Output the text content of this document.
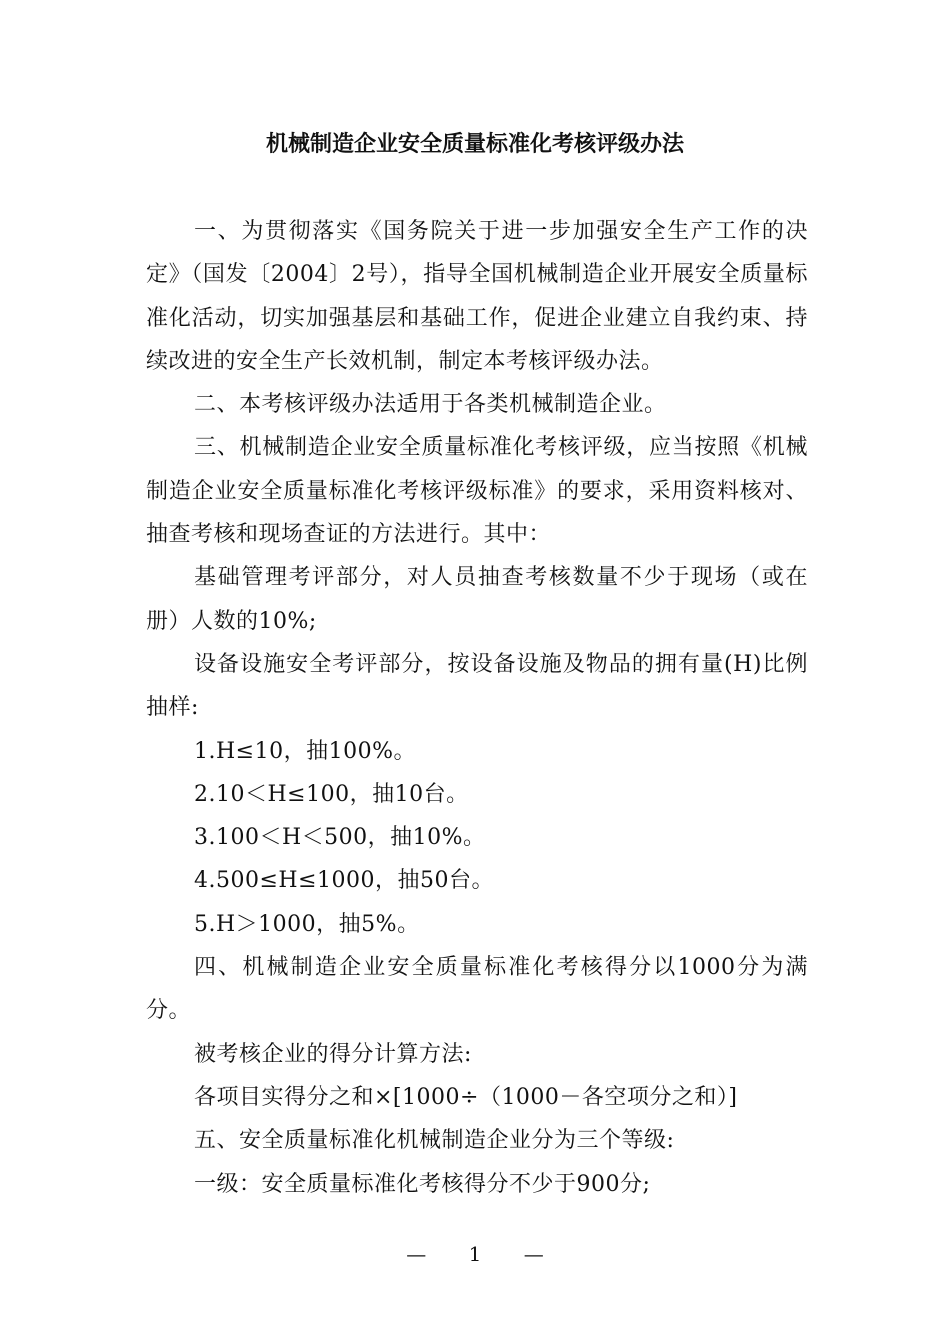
机械制造企业安全质量标准化考核评级办法

一、为贯彻落实《国务院关于进一步加强安全生产工作的决定》（国发〔2004〕2号），指导全国机械制造企业开展安全质量标准化活动，切实加强基层和基础工作，促进企业建立自我约束、持续改进的安全生产长效机制，制定本考核评级办法。

二、本考核评级办法适用于各类机械制造企业。

三、机械制造企业安全质量标准化考核评级，应当按照《机械制造企业安全质量标准化考核评级标准》的要求，采用资料核对、抽查考核和现场查证的方法进行。其中：

基础管理考评部分，对人员抽查考核数量不少于现场（或在册）人数的10%;

设备设施安全考评部分，按设备设施及物品的拥有量(H)比例抽样:

1.H≤10，抽100%。

2.10＜H≤100，抽10台。

3.100＜H＜500，抽10%。

4.500≤H≤1000，抽50台。

5.H＞1000，抽5%。

四、机械制造企业安全质量标准化考核得分以1000分为满分。

被考核企业的得分计算方法:

各项目实得分之和×[1000÷（1000－各空项分之和）]

五、安全质量标准化机械制造企业分为三个等级:

一级：安全质量标准化考核得分不少于900分;

— 1 —
